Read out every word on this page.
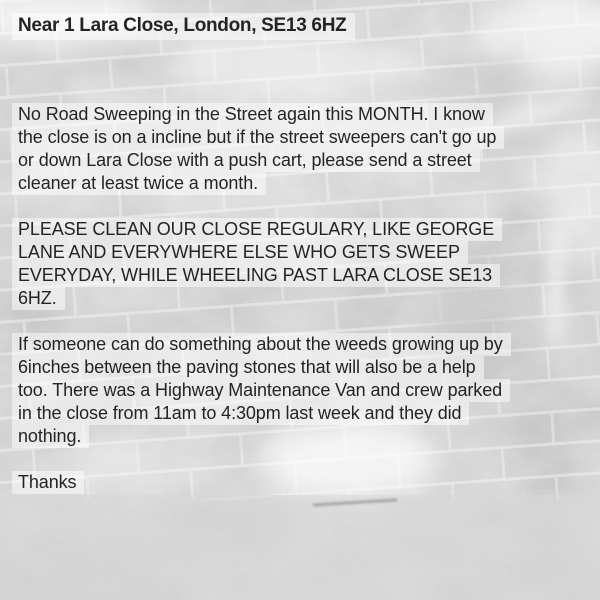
Near 1 Lara Close, London, SE13 6HZ
No Road Sweeping in the Street again this MONTH. I know
the close is on a incline but if the street sweepers can't go up
or down Lara Close with a push cart, please send a street
cleaner at least twice a month.
PLEASE CLEAN OUR CLOSE REGULARY, LIKE GEORGE
LANE AND EVERYWHERE ELSE WHO GETS SWEEP
EVERYDAY, WHILE WHEELING PAST LARA CLOSE SE13
6HZ.
If someone can do something about the weeds growing up by
6inches between the paving stones that will also be a help
too. There was a Highway Maintenance Van and crew parked
in the close from 11am to 4:30pm last week and they did
nothing.
Thanks
